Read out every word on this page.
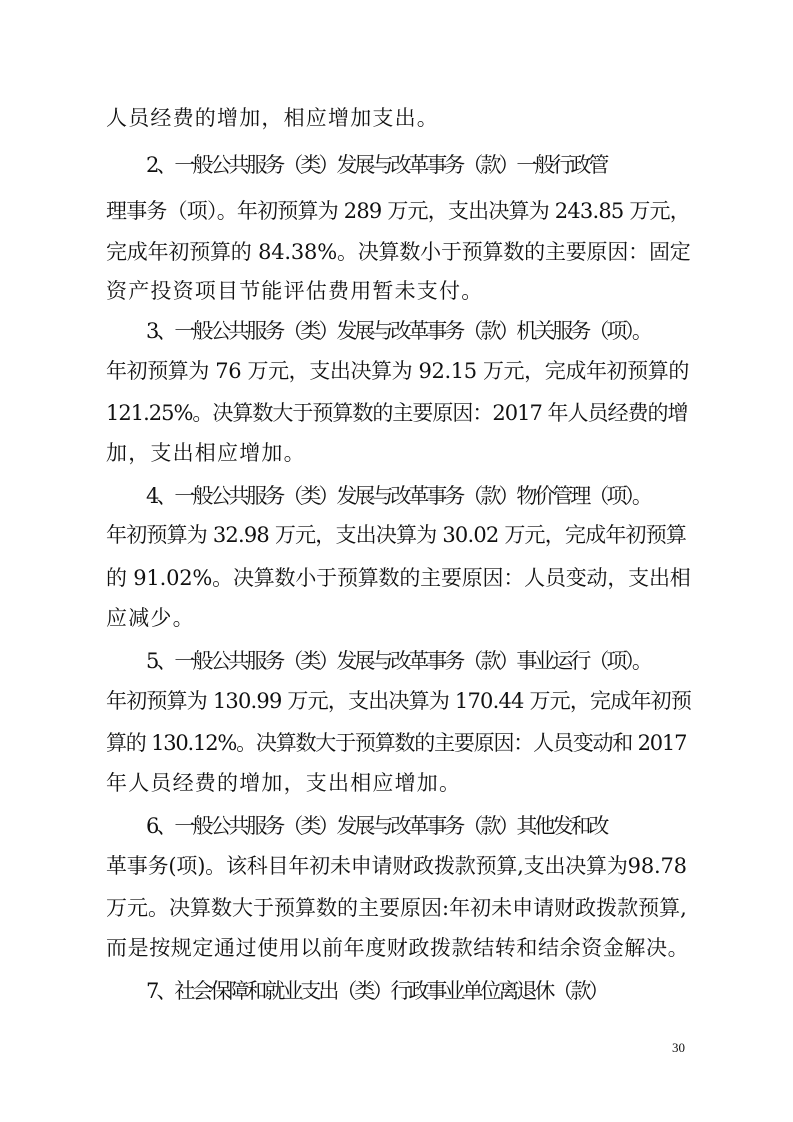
人员经费的增加，相应增加支出。
2、一般公共服务（类）发展与改革事务（款）一般行政管
理事务（项）。年初预算为 289 万元，支出决算为 243.85 万元，
完成年初预算的 84.38%。决算数小于预算数的主要原因：固定
资产投资项目节能评估费用暂未支付。
3、一般公共服务（类）发展与改革事务（款）机关服务（项）。
年初预算为 76 万元，支出决算为 92.15 万元，完成年初预算的
121.25%。决算数大于预算数的主要原因：2017 年人员经费的增
加，支出相应增加。
4、一般公共服务（类）发展与改革事务（款）物价管理（项）。
年初预算为 32.98 万元，支出决算为 30.02 万元，完成年初预算
的 91.02%。决算数小于预算数的主要原因：人员变动，支出相
应减少。
5、一般公共服务（类）发展与改革事务（款）事业运行（项）。
年初预算为 130.99 万元，支出决算为 170.44 万元，完成年初预
算的 130.12%。决算数大于预算数的主要原因：人员变动和 2017
年人员经费的增加，支出相应增加。
6、一般公共服务（类）发展与改革事务（款）其他发和改
革事务(项)。该科目年初未申请财政拨款预算,支出决算为98.78
万元。决算数大于预算数的主要原因:年初未申请财政拨款预算,
而是按规定通过使用以前年度财政拨款结转和结余资金解决。
7、社会保障和就业支出（类）行政事业单位离退休（款）
30
